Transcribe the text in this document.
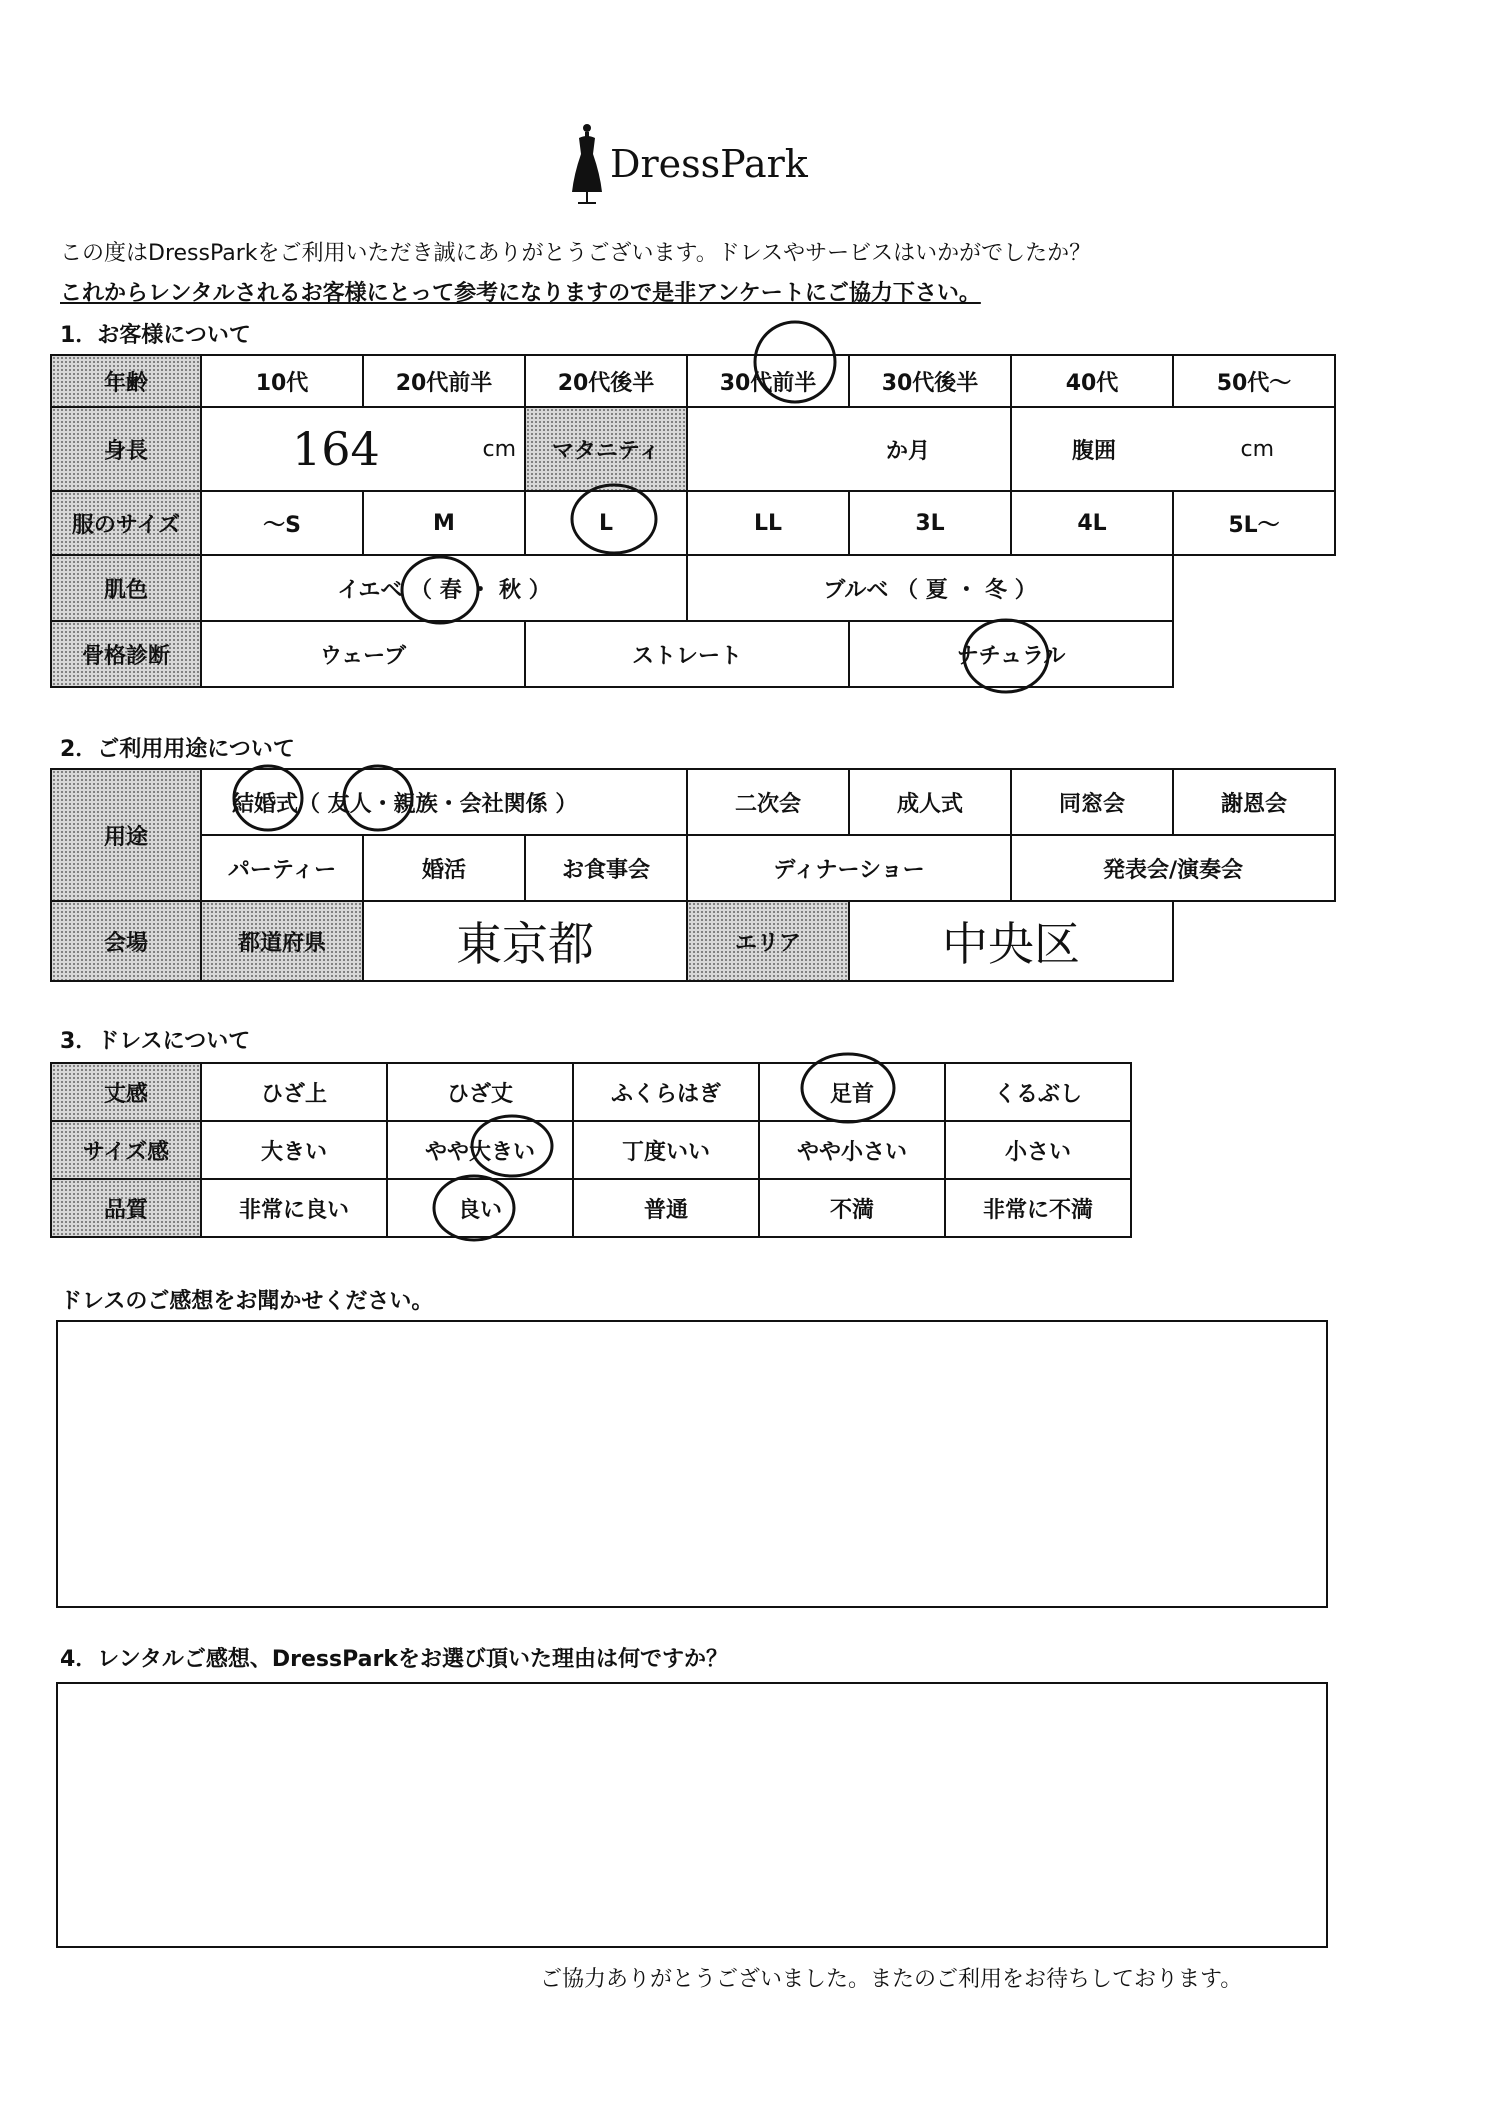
DressPark
この度はDressParkをご利用いただき誠にありがとうございます。ドレスやサービスはいかがでしたか？
これからレンタルされるお客様にとって参考になりますので是非アンケートにご協力下さい。
1．お客様について
年齢	10代	20代前半	20代後半	30代前半	30代後半	40代	50代～
身長	164	cm	マタニティ	か月	腹囲	cm
服のサイズ	～S	M	L	LL	3L	4L	5L～
肌色	イエベ （ 春 ・ 秋 ）	ブルベ （ 夏 ・ 冬 ）
骨格診断	ウェーブ	ストレート	ナチュラル
2．ご利用用途について
用途
結婚式（ 友人・親族・会社関係 ）	二次会	成人式	同窓会	謝恩会
パーティー	婚活	お食事会	ディナーショー	発表会/演奏会
会場	都道府県	東京都	エリア	中央区
3．ドレスについて
丈感	ひざ上	ひざ丈	ふくらはぎ	足首	くるぶし
サイズ感	大きい	やや大きい	丁度いい	やや小さい	小さい
品質	非常に良い	良い	普通	不満	非常に不満
ドレスのご感想をお聞かせください。
4．レンタルご感想、DressParkをお選び頂いた理由は何ですか？
ご協力ありがとうございました。またのご利用をお待ちしております。
